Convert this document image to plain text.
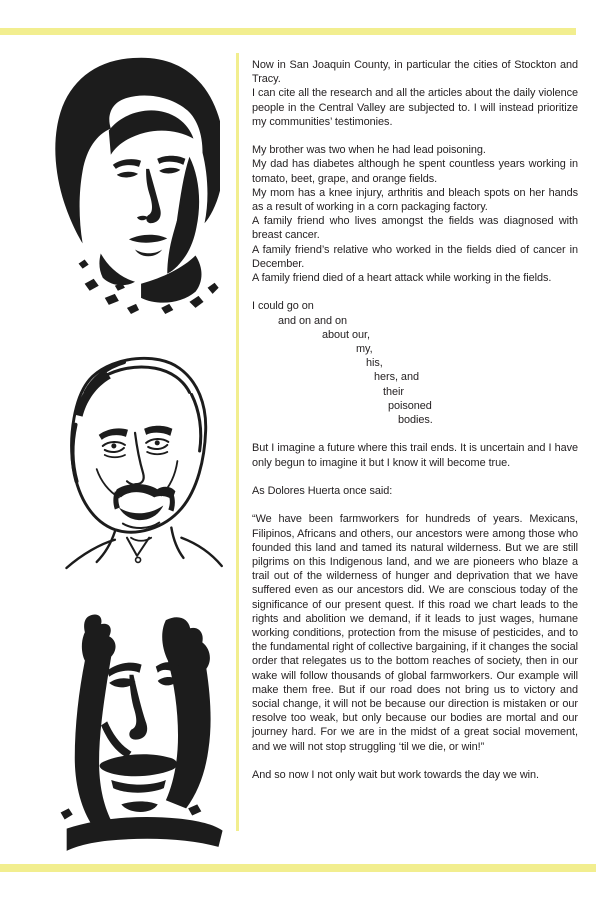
Now in San Joaquin County, in particular the cities of Stockton and Tracy.
I can cite all the research and all the articles about the daily violence people in the Central Valley are subjected to. I will instead prioritize my communities’ testimonies.
My brother was two when he had lead poisoning.
My dad has diabetes although he spent countless years working in tomato, beet, grape, and orange fields.
My mom has a knee injury, arthritis and bleach spots on her hands as a result of working in a corn packaging factory.
A family friend who lives amongst the fields was diagnosed with breast cancer.
A family friend’s relative who worked in the fields died of cancer in December.
A family friend died of a heart attack while working in the fields.
I could go on
and on and on
about our,
my,
his,
hers, and
their
poisoned
bodies.
But I imagine a future where this trail ends. It is uncertain and I have only begun to imagine it but I know it will become true.
As Dolores Huerta once said:
“We have been farmworkers for hundreds of years. Mexicans, Filipinos, Africans and others, our ancestors were among those who founded this land and tamed its natural wilderness. But we are still pilgrims on this Indigenous land, and we are pioneers who blaze a trail out of the wilderness of hunger and deprivation that we have suffered even as our ancestors did. We are conscious today of the significance of our present quest. If this road we chart leads to the rights and abolition we demand, if it leads to just wages, humane working conditions, protection from the misuse of pesticides, and to the fundamental right of collective bargaining, if it changes the social order that relegates us to the bottom reaches of society, then in our wake will follow thousands of global farmworkers. Our example will make them free. But if our road does not bring us to victory and social change, it will not be because our direction is mistaken or our resolve too weak, but only because our bodies are mortal and our journey hard. For we are in the midst of a great social movement, and we will not stop struggling ‘til we die, or win!”
And so now I not only wait but work towards the day we win.
